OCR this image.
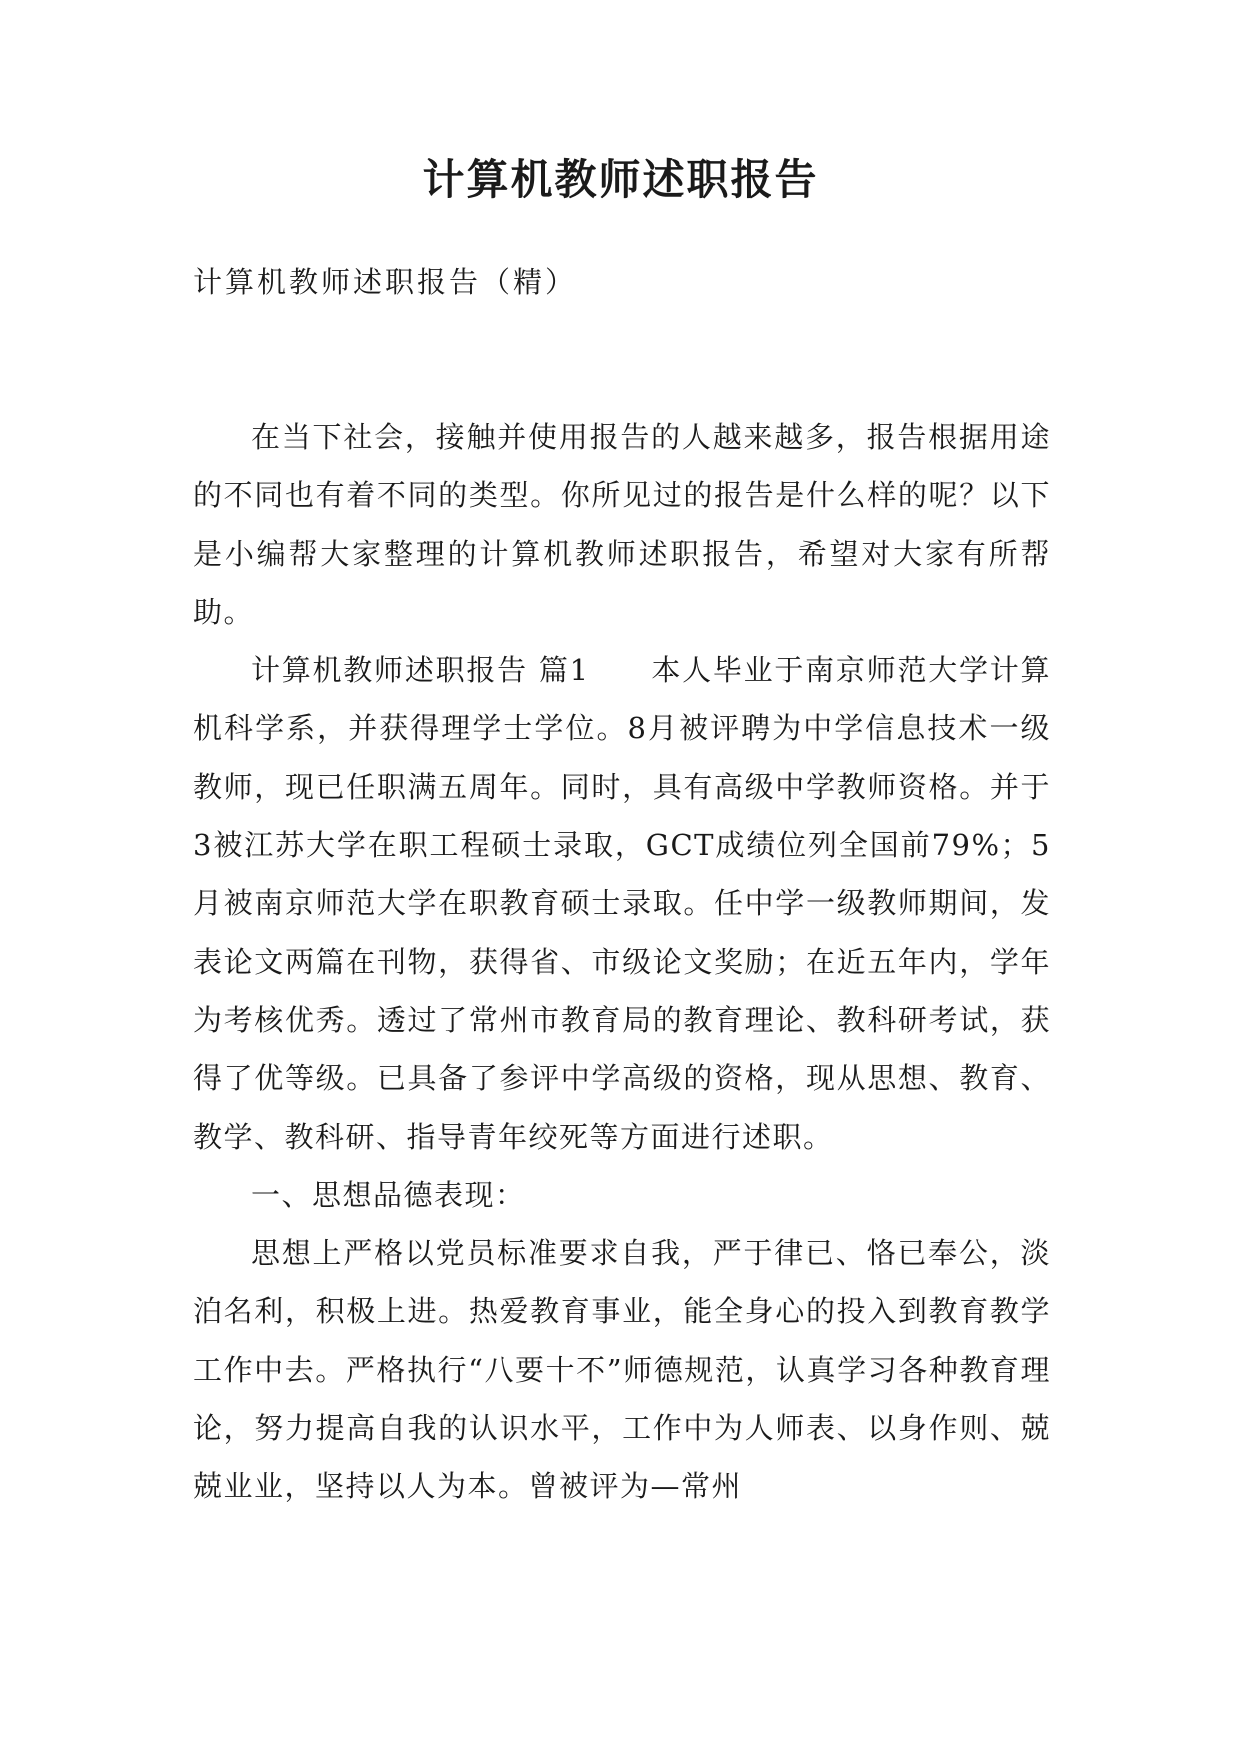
计算机教师述职报告

计算机教师述职报告（精）

在当下社会，接触并使用报告的人越来越多，报告根据用途的不同也有着不同的类型。你所见过的报告是什么样的呢？以下是小编帮大家整理的计算机教师述职报告，希望对大家有所帮助。

计算机教师述职报告 篇1　　本人毕业于南京师范大学计算机科学系，并获得理学士学位。8月被评聘为中学信息技术一级教师，现已任职满五周年。同时，具有高级中学教师资格。并于3被江苏大学在职工程硕士录取，GCT成绩位列全国前79%；5月被南京师范大学在职教育硕士录取。任中学一级教师期间，发表论文两篇在刊物，获得省、市级论文奖励；在近五年内，学年为考核优秀。透过了常州市教育局的教育理论、教科研考试，获得了优等级。已具备了参评中学高级的资格，现从思想、教育、教学、教科研、指导青年绞死等方面进行述职。

一、思想品德表现：

思想上严格以党员标准要求自我，严于律已、恪已奉公，淡泊名利，积极上进。热爱教育事业，能全身心的投入到教育教学工作中去。严格执行“八要十不”师德规范，认真学习各种教育理论，努力提高自我的认识水平，工作中为人师表、以身作则、兢兢业业，坚持以人为本。曾被评为—常州
